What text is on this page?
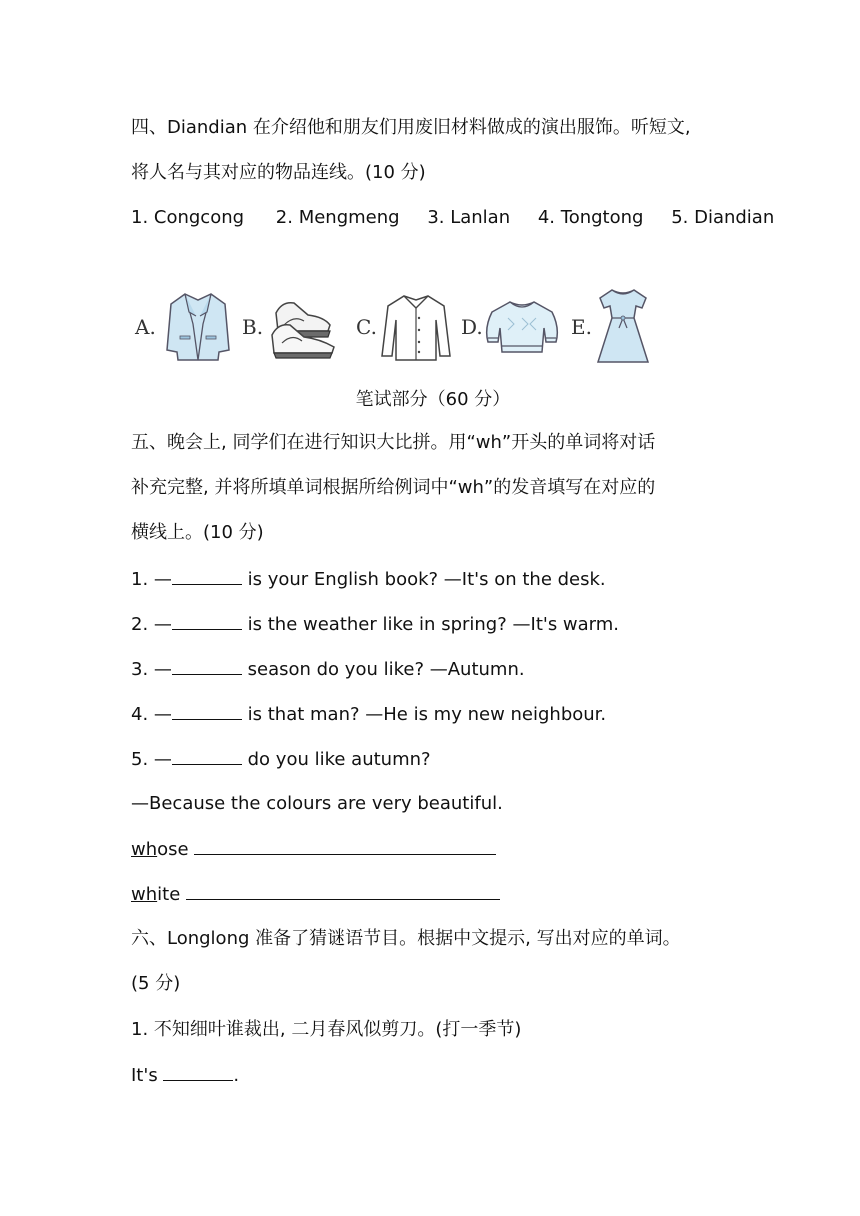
四、Diandian 在介绍他和朋友们用废旧材料做成的演出服饰。听短文,
将人名与其对应的物品连线。(10 分)
1. Congcong 2. Mengmeng 3. Lanlan 4. Tongtong 5. Diandian
A.	B.	C.	D.	E.
笔试部分（60 分）
五、晚会上, 同学们在进行知识大比拼。用“wh”开头的单词将对话
补充完整, 并将所填单词根据所给例词中“wh”的发音填写在对应的
横线上。(10 分)
1. —	is your English book? —It's on the desk.
2. —	is the weather like in spring? —It's warm.
3. —	season do you like? —Autumn.
4. —	is that man? —He is my new neighbour.
5. —	do you like autumn?
—Because the colours are very beautiful.
whose
white
六、Longlong 准备了猜谜语节目。根据中文提示, 写出对应的单词。
(5 分)
1. 不知细叶谁裁出, 二月春风似剪刀。(打一季节)
It's	.
